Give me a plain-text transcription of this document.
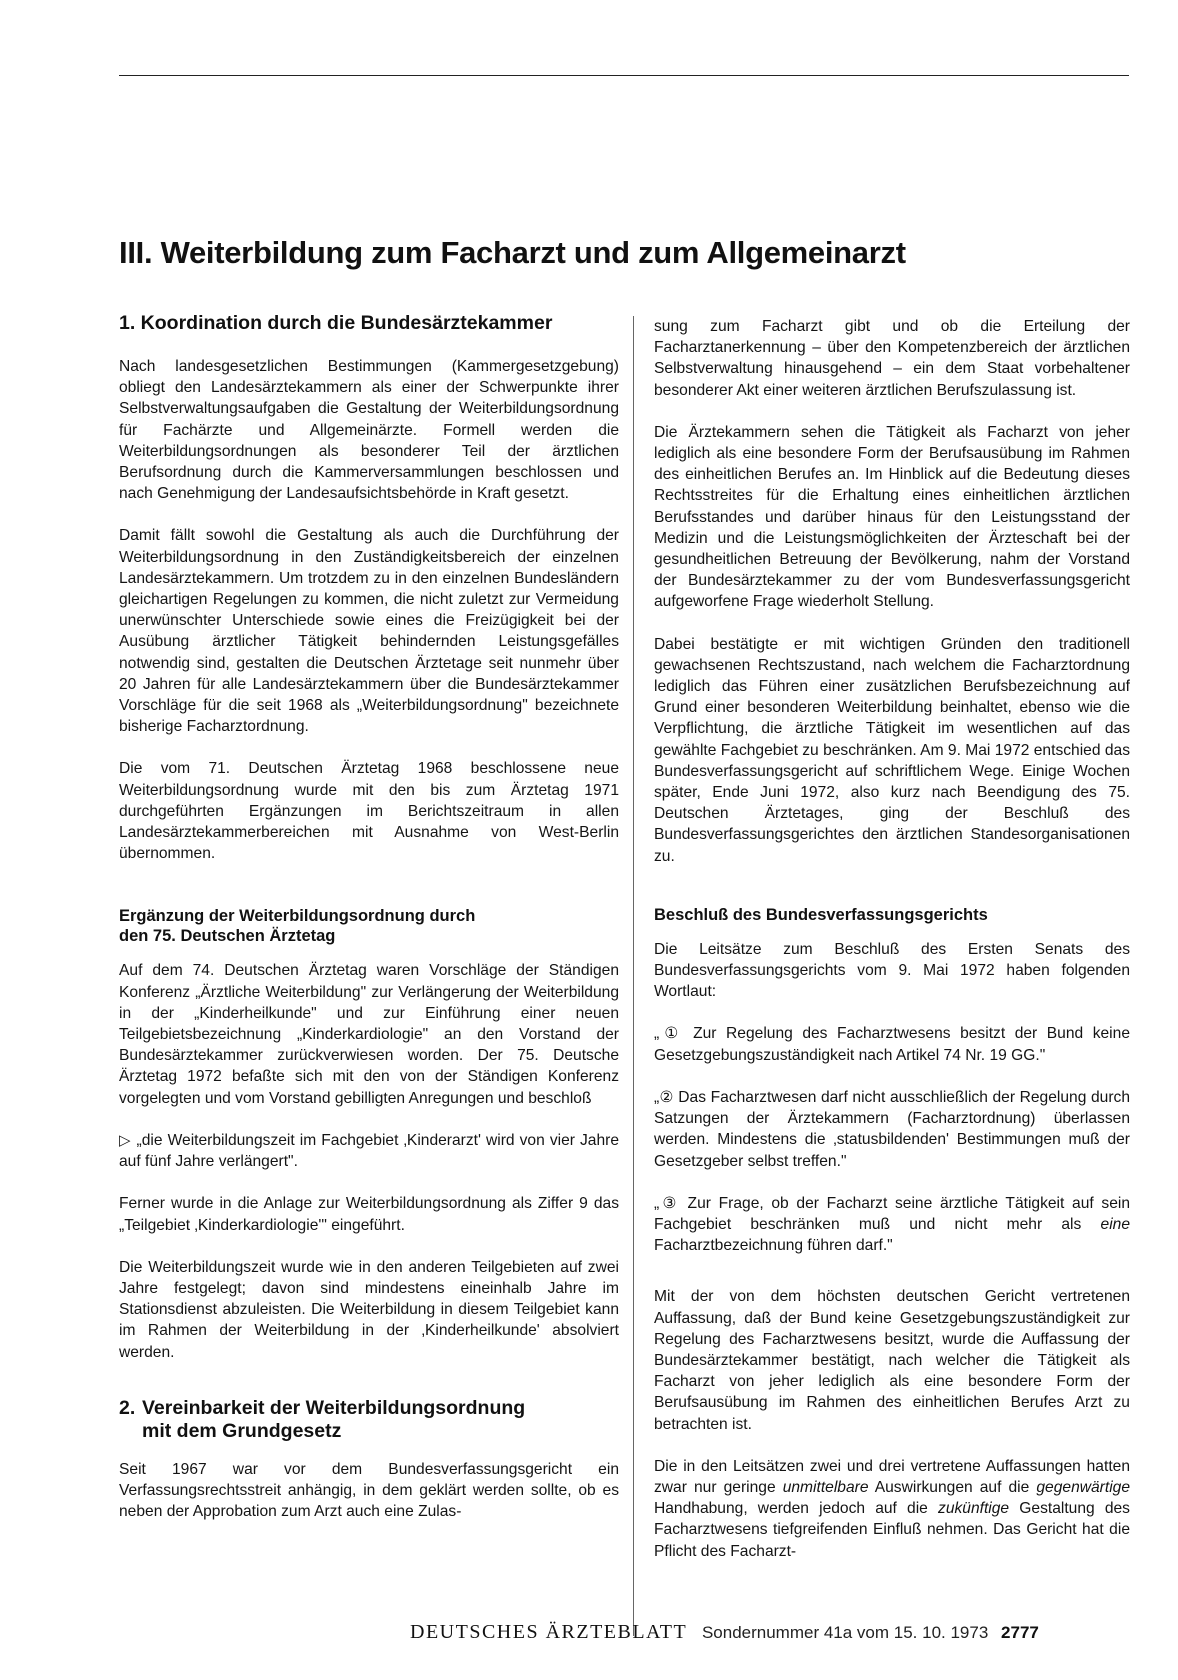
III. Weiterbildung zum Facharzt und zum Allgemeinarzt
1. Koordination durch die Bundesärztekammer

Nach landesgesetzlichen Bestimmungen (Kammergesetzgebung) obliegt den Landesärztekammern als einer der Schwerpunkte ihrer Selbstverwaltungsaufgaben die Gestaltung der Weiterbildungsordnung für Fachärzte und Allgemeinärzte. Formell werden die Weiterbildungsordnungen als besonderer Teil der ärztlichen Berufsordnung durch die Kammerversammlungen beschlossen und nach Genehmigung der Landesaufsichtsbehörde in Kraft gesetzt.

Damit fällt sowohl die Gestaltung als auch die Durchführung der Weiterbildungsordnung in den Zuständigkeitsbereich der einzelnen Landesärztekammern. Um trotzdem zu in den einzelnen Bundesländern gleichartigen Regelungen zu kommen, die nicht zuletzt zur Vermeidung unerwünschter Unterschiede sowie eines die Freizügigkeit bei der Ausübung ärztlicher Tätigkeit behindernden Leistungsgefälles notwendig sind, gestalten die Deutschen Ärztetage seit nunmehr über 20 Jahren für alle Landesärztekammern über die Bundesärztekammer Vorschläge für die seit 1968 als „Weiterbildungsordnung" bezeichnete bisherige Facharztordnung.

Die vom 71. Deutschen Ärztetag 1968 beschlossene neue Weiterbildungsordnung wurde mit den bis zum Ärztetag 1971 durchgeführten Ergänzungen im Berichtszeitraum in allen Landesärztekammerbereichen mit Ausnahme von West-Berlin übernommen.

Ergänzung der Weiterbildungsordnung durch
den 75. Deutschen Ärztetag

Auf dem 74. Deutschen Ärztetag waren Vorschläge der Ständigen Konferenz „Ärztliche Weiterbildung" zur Verlängerung der Weiterbildung in der „Kinderheilkunde" und zur Einführung einer neuen Teilgebietsbezeichnung „Kinderkardiologie" an den Vorstand der Bundesärztekammer zurückverwiesen worden. Der 75. Deutsche Ärztetag 1972 befaßte sich mit den von der Ständigen Konferenz vorgelegten und vom Vorstand gebilligten Anregungen und beschloß

▷ „die Weiterbildungszeit im Fachgebiet ‚Kinderarzt' wird von vier Jahre auf fünf Jahre verlängert".

Ferner wurde in die Anlage zur Weiterbildungsordnung als Ziffer 9 das „Teilgebiet ‚Kinderkardiologie'" eingeführt.

Die Weiterbildungszeit wurde wie in den anderen Teilgebieten auf zwei Jahre festgelegt; davon sind mindestens eineinhalb Jahre im Stationsdienst abzuleisten. Die Weiterbildung in diesem Teilgebiet kann im Rahmen der Weiterbildung in der ‚Kinderheilkunde' absolviert werden.

2. Vereinbarkeit der Weiterbildungsordnung
mit dem Grundgesetz

Seit 1967 war vor dem Bundesverfassungsgericht ein Verfassungsrechtsstreit anhängig, in dem geklärt werden sollte, ob es neben der Approbation zum Arzt auch eine Zulas-

sung zum Facharzt gibt und ob die Erteilung der Facharztanerkennung – über den Kompetenzbereich der ärztlichen Selbstverwaltung hinausgehend – ein dem Staat vorbehaltener besonderer Akt einer weiteren ärztlichen Berufszulassung ist.

Die Ärztekammern sehen die Tätigkeit als Facharzt von jeher lediglich als eine besondere Form der Berufsausübung im Rahmen des einheitlichen Berufes an. Im Hinblick auf die Bedeutung dieses Rechtsstreites für die Erhaltung eines einheitlichen ärztlichen Berufsstandes und darüber hinaus für den Leistungsstand der Medizin und die Leistungsmöglichkeiten der Ärzteschaft bei der gesundheitlichen Betreuung der Bevölkerung, nahm der Vorstand der Bundesärztekammer zu der vom Bundesverfassungsgericht aufgeworfene Frage wiederholt Stellung.

Dabei bestätigte er mit wichtigen Gründen den traditionell gewachsenen Rechtszustand, nach welchem die Facharztordnung lediglich das Führen einer zusätzlichen Berufsbezeichnung auf Grund einer besonderen Weiterbildung beinhaltet, ebenso wie die Verpflichtung, die ärztliche Tätigkeit im wesentlichen auf das gewählte Fachgebiet zu beschränken. Am 9. Mai 1972 entschied das Bundesverfassungsgericht auf schriftlichem Wege. Einige Wochen später, Ende Juni 1972, also kurz nach Beendigung des 75. Deutschen Ärztetages, ging der Beschluß des Bundesverfassungsgerichtes den ärztlichen Standesorganisationen zu.

Beschluß des Bundesverfassungsgerichts

Die Leitsätze zum Beschluß des Ersten Senats des Bundesverfassungsgerichts vom 9. Mai 1972 haben folgenden Wortlaut:

„① Zur Regelung des Facharztwesens besitzt der Bund keine Gesetzgebungszuständigkeit nach Artikel 74 Nr. 19 GG."

„② Das Facharztwesen darf nicht ausschließlich der Regelung durch Satzungen der Ärztekammern (Facharztordnung) überlassen werden. Mindestens die ‚statusbildenden' Bestimmungen muß der Gesetzgeber selbst treffen."

„③ Zur Frage, ob der Facharzt seine ärztliche Tätigkeit auf sein Fachgebiet beschränken muß und nicht mehr als eine Facharztbezeichnung führen darf."

Mit der von dem höchsten deutschen Gericht vertretenen Auffassung, daß der Bund keine Gesetzgebungszuständigkeit zur Regelung des Facharztwesens besitzt, wurde die Auffassung der Bundesärztekammer bestätigt, nach welcher die Tätigkeit als Facharzt von jeher lediglich als eine besondere Form der Berufsausübung im Rahmen des einheitlichen Berufes Arzt zu betrachten ist.

Die in den Leitsätzen zwei und drei vertretene Auffassungen hatten zwar nur geringe unmittelbare Auswirkungen auf die gegenwärtige Handhabung, werden jedoch auf die zukünftige Gestaltung des Facharztwesens tiefgreifenden Einfluß nehmen. Das Gericht hat die Pflicht des Facharzt-

DEUTSCHES ÄRZTEBLATT Sondernummer 41a vom 15. 10. 1973 2777
